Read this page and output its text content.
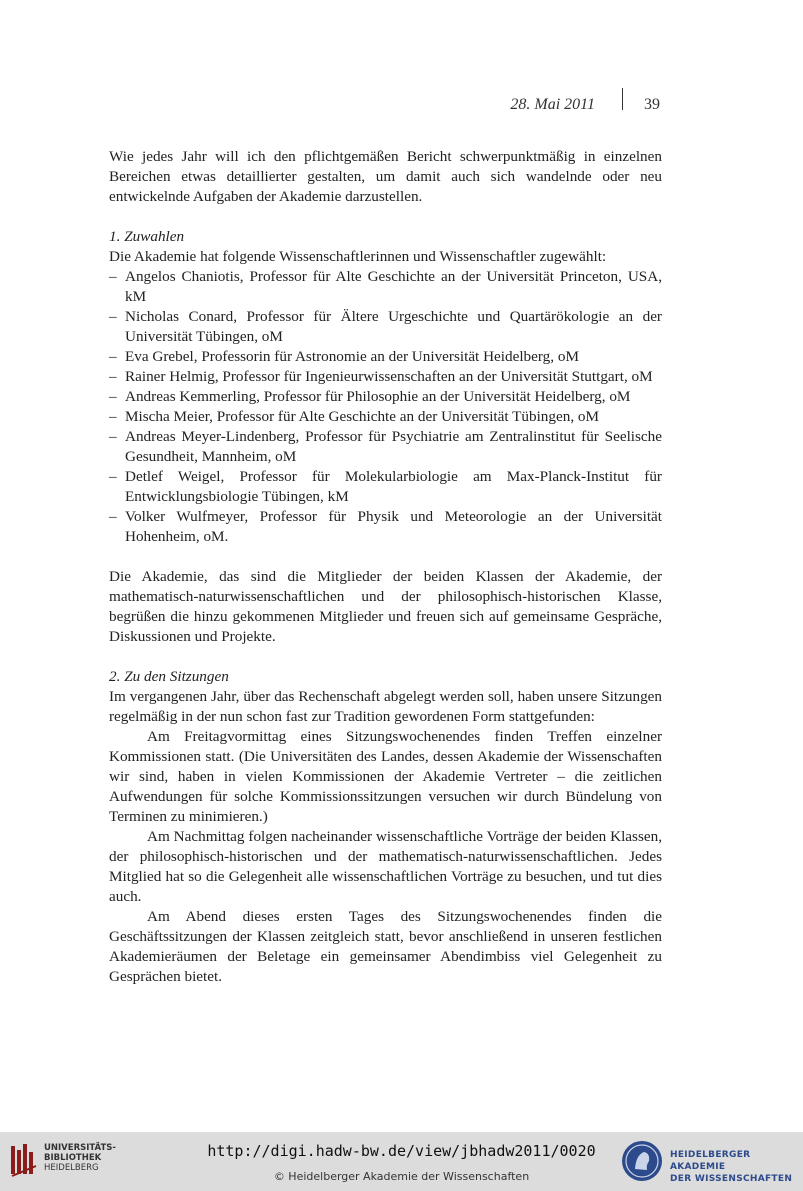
28. Mai 2011	39

Wie jedes Jahr will ich den pflichtgemäßen Bericht schwerpunktmäßig in einzelnen Bereichen etwas detaillierter gestalten, um damit auch sich wandelnde oder neu entwickelnde Aufgaben der Akademie darzustellen.

1. Zuwahlen

Die Akademie hat folgende Wissenschaftlerinnen und Wissenschaftler zugewählt:

– Angelos Chaniotis, Professor für Alte Geschichte an der Universität Princeton, USA, kM
– Nicholas Conard, Professor für Ältere Urgeschichte und Quartärökologie an der Universität Tübingen, oM
– Eva Grebel, Professorin für Astronomie an der Universität Heidelberg, oM
– Rainer Helmig, Professor für Ingenieurwissenschaften an der Universität Stuttgart, oM
– Andreas Kemmerling, Professor für Philosophie an der Universität Heidelberg, oM
– Mischa Meier, Professor für Alte Geschichte an der Universität Tübingen, oM
– Andreas Meyer-Lindenberg, Professor für Psychiatrie am Zentralinstitut für Seelische Gesundheit, Mannheim, oM
– Detlef Weigel, Professor für Molekularbiologie am Max-Planck-Institut für Entwicklungsbiologie Tübingen, kM
– Volker Wulfmeyer, Professor für Physik und Meteorologie an der Universität Hohenheim, oM.

Die Akademie, das sind die Mitglieder der beiden Klassen der Akademie, der mathematisch-naturwissenschaftlichen und der philosophisch-historischen Klasse, begrüßen die hinzu gekommenen Mitglieder und freuen sich auf gemeinsame Gespräche, Diskussionen und Projekte.

2. Zu den Sitzungen

Im vergangenen Jahr, über das Rechenschaft abgelegt werden soll, haben unsere Sitzungen regelmäßig in der nun schon fast zur Tradition gewordenen Form stattgefunden:

Am Freitagvormittag eines Sitzungswochenendes finden Treffen einzelner Kommissionen statt. (Die Universitäten des Landes, dessen Akademie der Wissenschaften wir sind, haben in vielen Kommissionen der Akademie Vertreter – die zeitlichen Aufwendungen für solche Kommissionssitzungen versuchen wir durch Bündelung von Terminen zu minimieren.)

Am Nachmittag folgen nacheinander wissenschaftliche Vorträge der beiden Klassen, der philosophisch-historischen und der mathematisch-naturwissenschaftlichen. Jedes Mitglied hat so die Gelegenheit alle wissenschaftlichen Vorträge zu besuchen, und tut dies auch.

Am Abend dieses ersten Tages des Sitzungswochenendes finden die Geschäftssitzungen der Klassen zeitgleich statt, bevor anschließend in unseren festlichen Akademieräumen der Beletage ein gemeinsamer Abendimbiss viel Gelegenheit zu Gesprächen bietet.

UNIVERSITÄTS-
BIBLIOTHEK
HEIDELBERG
http://digi.hadw-bw.de/view/jbhadw2011/0020
© Heidelberger Akademie der Wissenschaften
HEIDELBERGER AKADEMIE
DER WISSENSCHAFTEN
